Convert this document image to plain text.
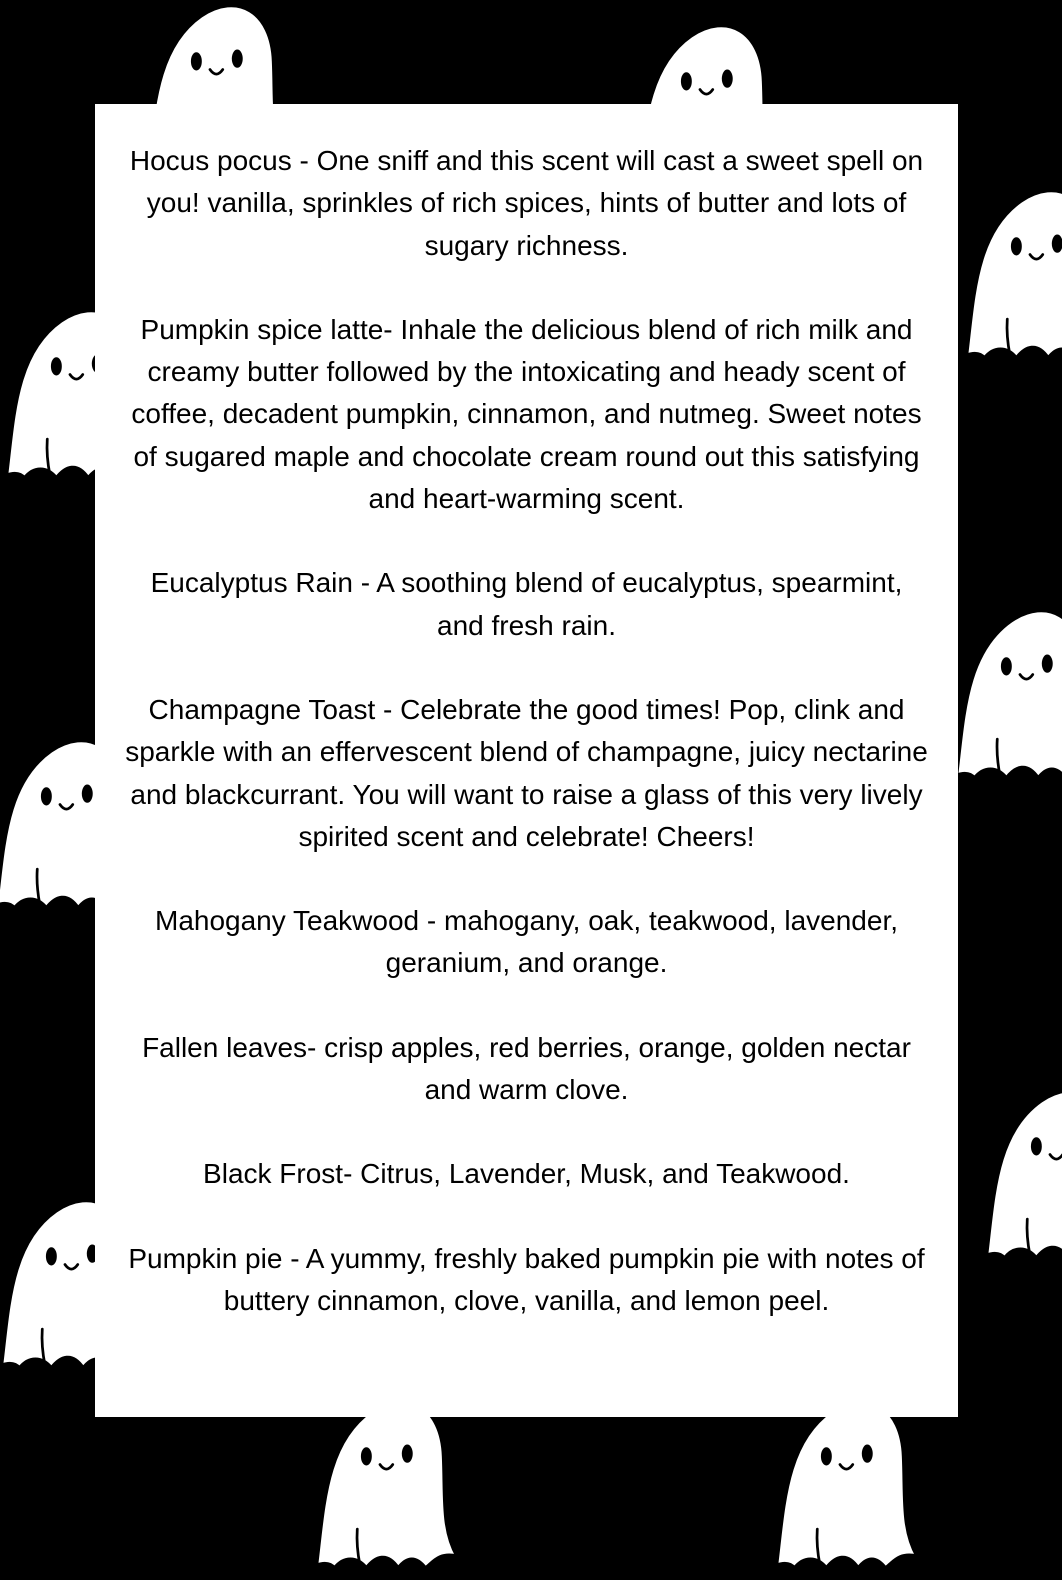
Hocus pocus - One sniff and this scent will cast a sweet spell on you! vanilla, sprinkles of rich spices, hints of butter and lots of sugary richness.

Pumpkin spice latte- Inhale the delicious blend of rich milk and creamy butter followed by the intoxicating and heady scent of coffee, decadent pumpkin, cinnamon, and nutmeg. Sweet notes of sugared maple and chocolate cream round out this satisfying and heart-warming scent.

Eucalyptus Rain - A soothing blend of eucalyptus, spearmint, and fresh rain.

Champagne Toast - Celebrate the good times! Pop, clink and sparkle with an effervescent blend of champagne, juicy nectarine and blackcurrant. You will want to raise a glass of this very lively spirited scent and celebrate! Cheers!

Mahogany Teakwood - mahogany, oak, teakwood, lavender, geranium, and orange.

Fallen leaves- crisp apples, red berries, orange, golden nectar and warm clove.

Black Frost- Citrus, Lavender, Musk, and Teakwood.

Pumpkin pie - A yummy, freshly baked pumpkin pie with notes of buttery cinnamon, clove, vanilla, and lemon peel.
